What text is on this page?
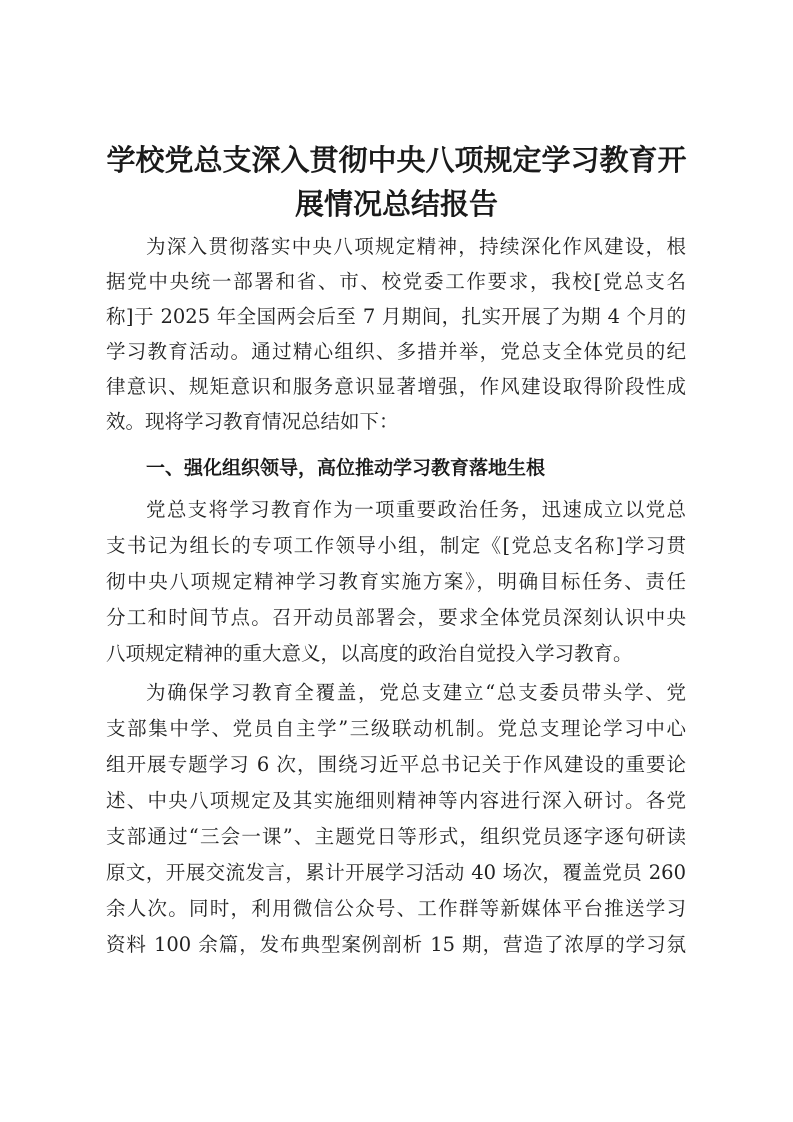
学校党总支深入贯彻中央八项规定学习教育开
展情况总结报告
为深入贯彻落实中央八项规定精神，持续深化作风建设，根
据党中央统一部署和省、市、校党委工作要求，我校[党总支名
称]于 2025 年全国两会后至 7 月期间，扎实开展了为期 4 个月的
学习教育活动。通过精心组织、多措并举，党总支全体党员的纪
律意识、规矩意识和服务意识显著增强，作风建设取得阶段性成
效。现将学习教育情况总结如下：
一、强化组织领导，高位推动学习教育落地生根
党总支将学习教育作为一项重要政治任务，迅速成立以党总
支书记为组长的专项工作领导小组，制定《[党总支名称]学习贯
彻中央八项规定精神学习教育实施方案》，明确目标任务、责任
分工和时间节点。召开动员部署会，要求全体党员深刻认识中央
八项规定精神的重大意义，以高度的政治自觉投入学习教育。
为确保学习教育全覆盖，党总支建立“总支委员带头学、党
支部集中学、党员自主学”三级联动机制。党总支理论学习中心
组开展专题学习 6 次，围绕习近平总书记关于作风建设的重要论
述、中央八项规定及其实施细则精神等内容进行深入研讨。各党
支部通过“三会一课”、主题党日等形式，组织党员逐字逐句研读
原文，开展交流发言，累计开展学习活动 40 场次，覆盖党员 260
余人次。同时，利用微信公众号、工作群等新媒体平台推送学习
资料 100 余篇，发布典型案例剖析 15 期，营造了浓厚的学习氛
